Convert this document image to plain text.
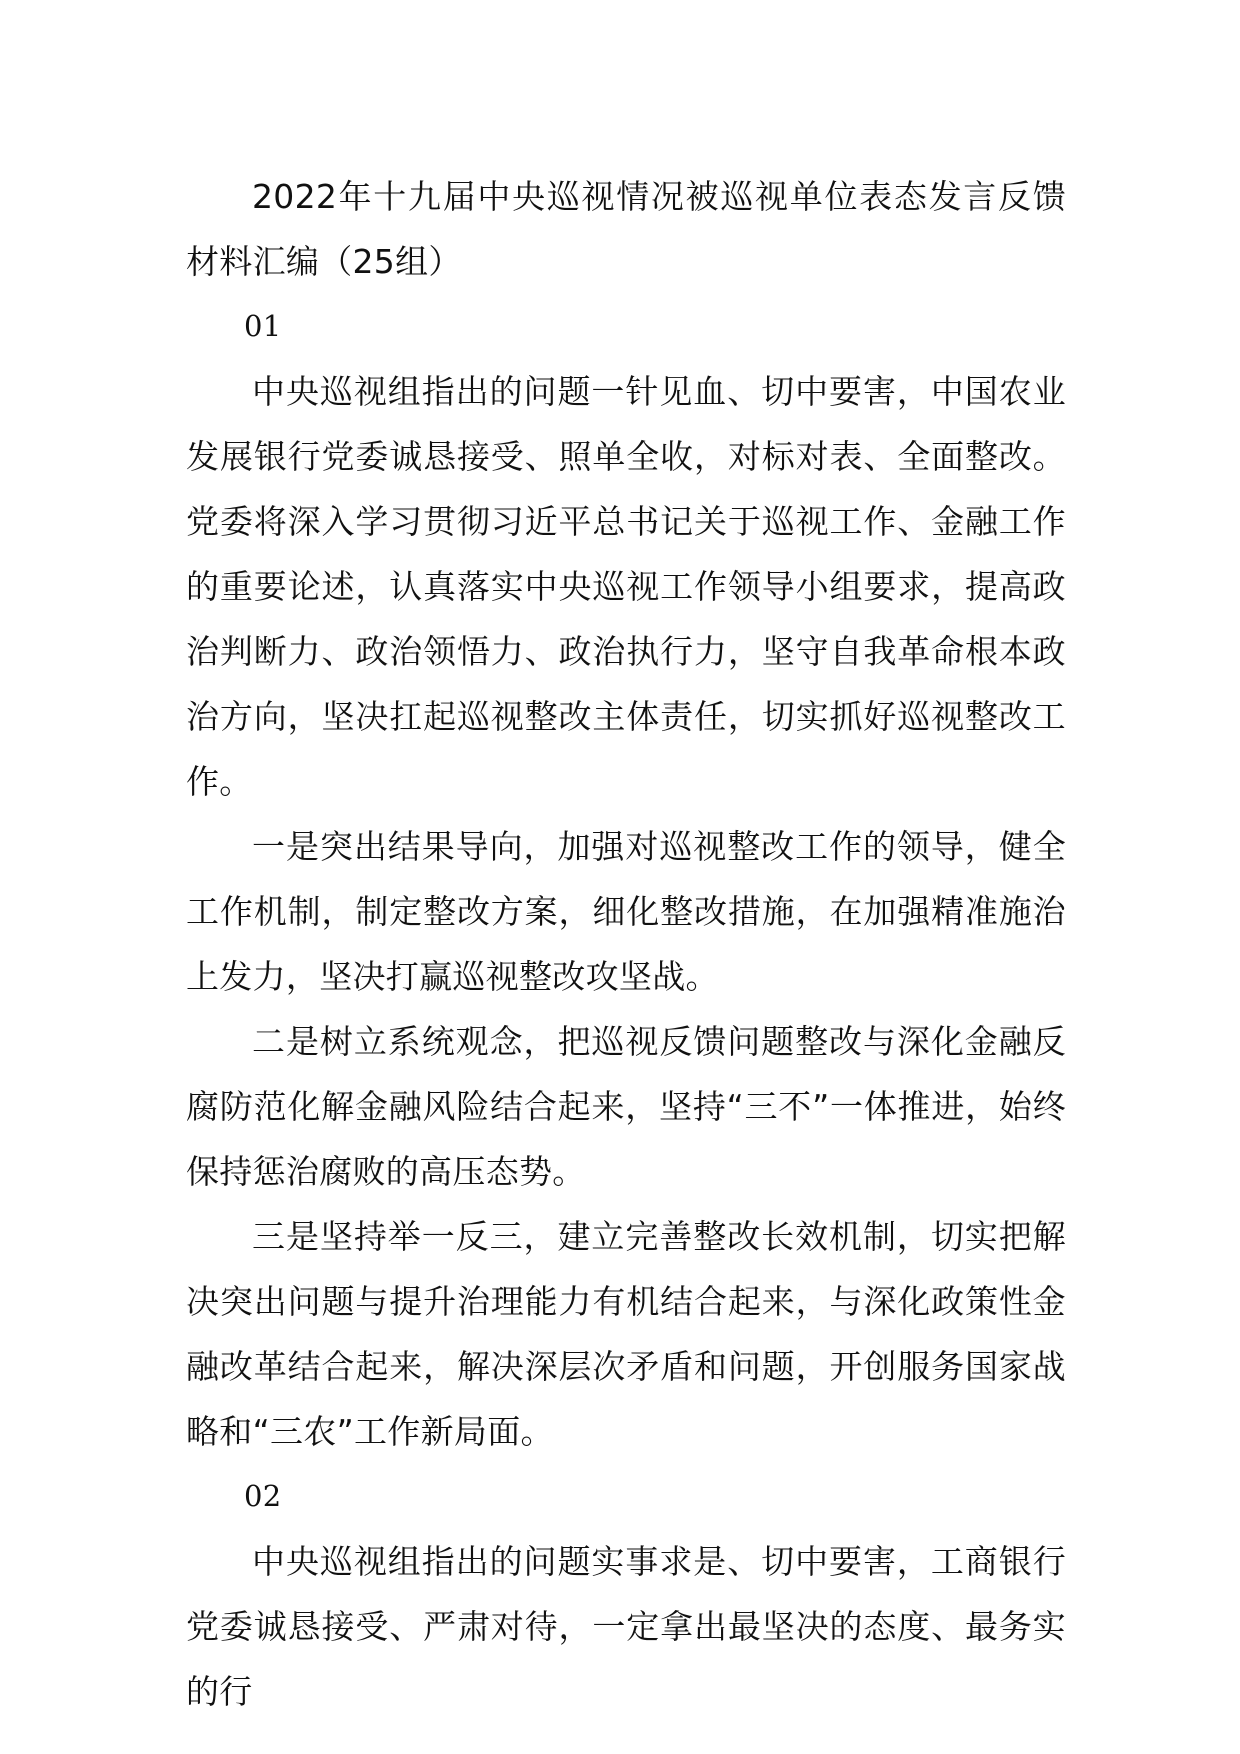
2022年十九届中央巡视情况被巡视单位表态发言反馈材料汇编（25组）

01

中央巡视组指出的问题一针见血、切中要害，中国农业发展银行党委诚恳接受、照单全收，对标对表、全面整改。党委将深入学习贯彻习近平总书记关于巡视工作、金融工作的重要论述，认真落实中央巡视工作领导小组要求，提高政治判断力、政治领悟力、政治执行力，坚守自我革命根本政治方向，坚决扛起巡视整改主体责任，切实抓好巡视整改工作。

一是突出结果导向，加强对巡视整改工作的领导，健全工作机制，制定整改方案，细化整改措施，在加强精准施治上发力，坚决打赢巡视整改攻坚战。

二是树立系统观念，把巡视反馈问题整改与深化金融反腐防范化解金融风险结合起来，坚持“三不”一体推进，始终保持惩治腐败的高压态势。

三是坚持举一反三，建立完善整改长效机制，切实把解决突出问题与提升治理能力有机结合起来，与深化政策性金融改革结合起来，解决深层次矛盾和问题，开创服务国家战略和“三农”工作新局面。

02

中央巡视组指出的问题实事求是、切中要害，工商银行党委诚恳接受、严肃对待，一定拿出最坚决的态度、最务实的行
